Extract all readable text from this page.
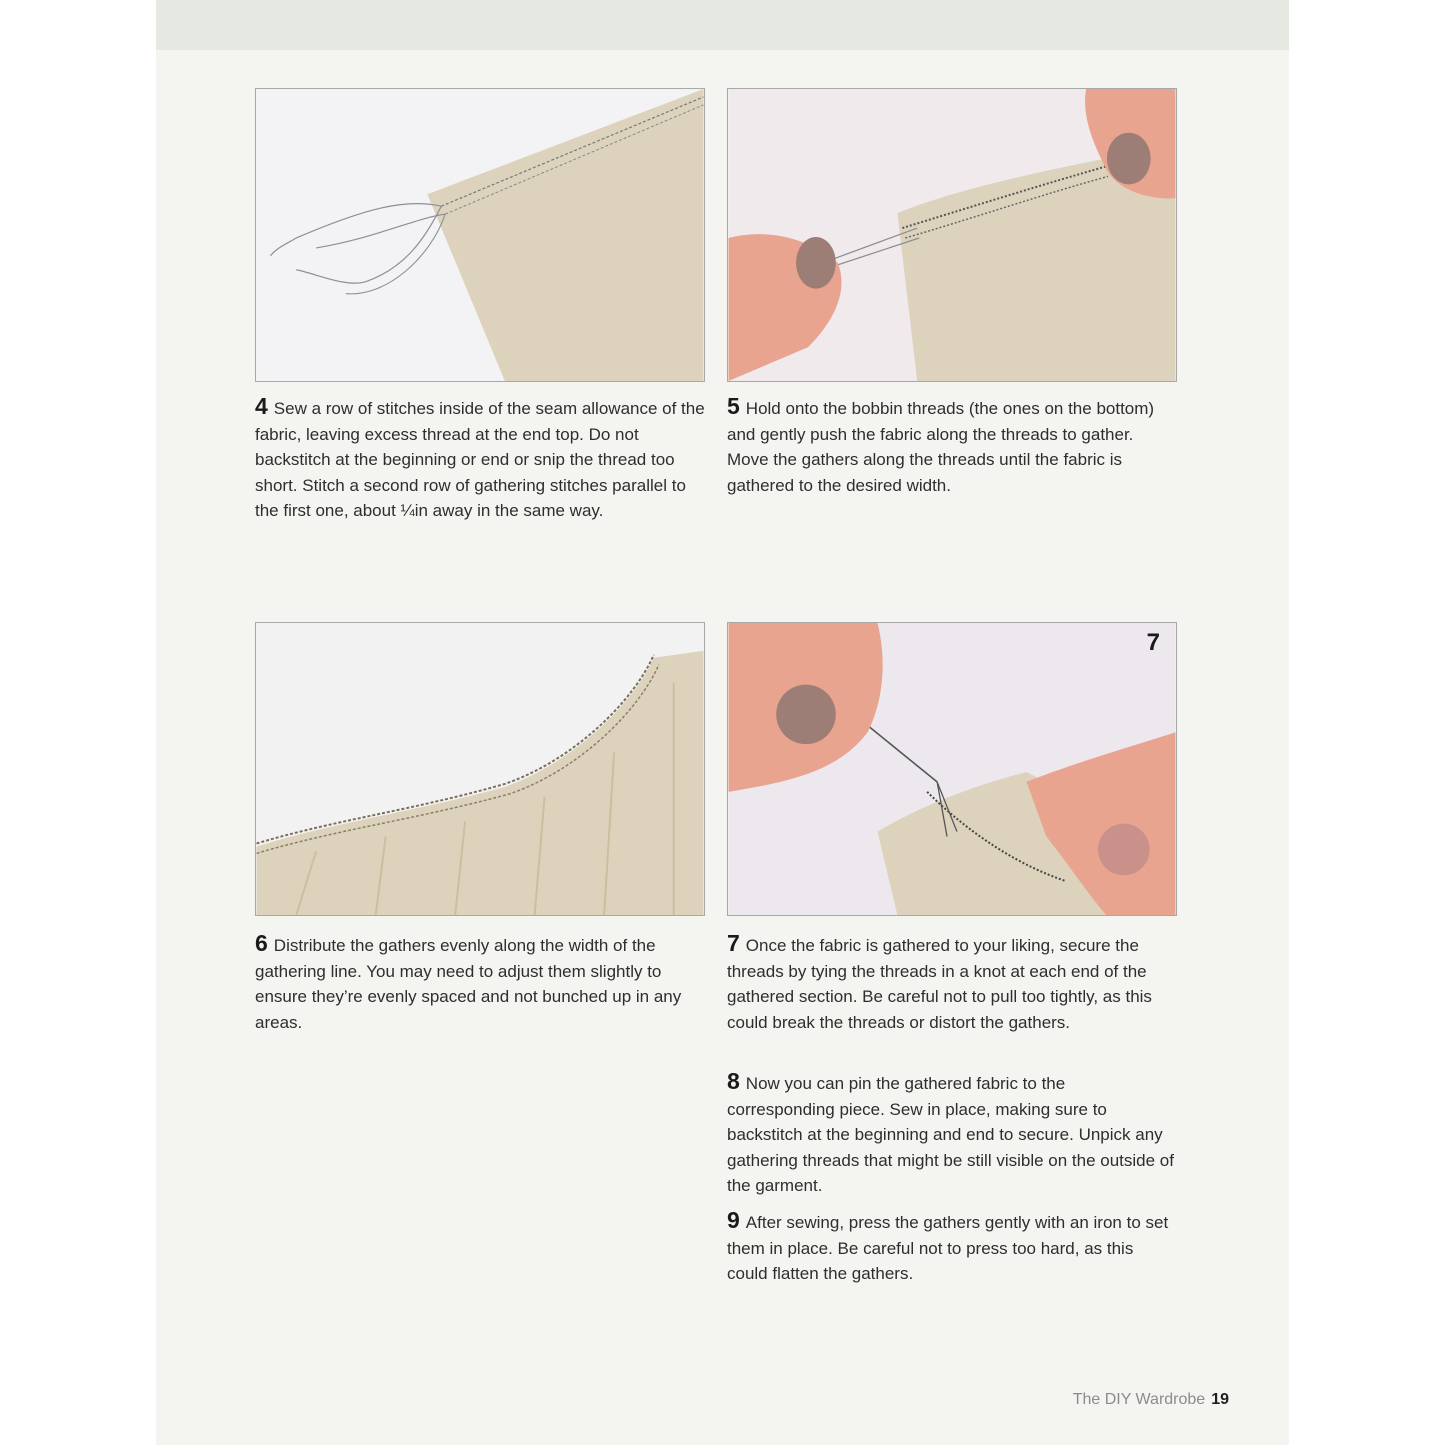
4 Sew a row of stitches inside of the seam allowance of the fabric, leaving excess thread at the end top. Do not backstitch at the beginning or end or snip the thread too short. Stitch a second row of gathering stitches parallel to the first one, about ¼in away in the same way.

5 Hold onto the bobbin threads (the ones on the bottom) and gently push the fabric along the threads to gather. Move the gathers along the threads until the fabric is gathered to the desired width.

7

6 Distribute the gathers evenly along the width of the gathering line. You may need to adjust them slightly to ensure they’re evenly spaced and not bunched up in any areas.

7 Once the fabric is gathered to your liking, secure the threads by tying the threads in a knot at each end of the gathered section. Be careful not to pull too tightly, as this could break the threads or distort the gathers.

8 Now you can pin the gathered fabric to the corresponding piece. Sew in place, making sure to backstitch at the beginning and end to secure. Unpick any gathering threads that might be still visible on the outside of the garment.

9 After sewing, press the gathers gently with an iron to set them in place. Be careful not to press too hard, as this could flatten the gathers.

The DIY Wardrobe 19
